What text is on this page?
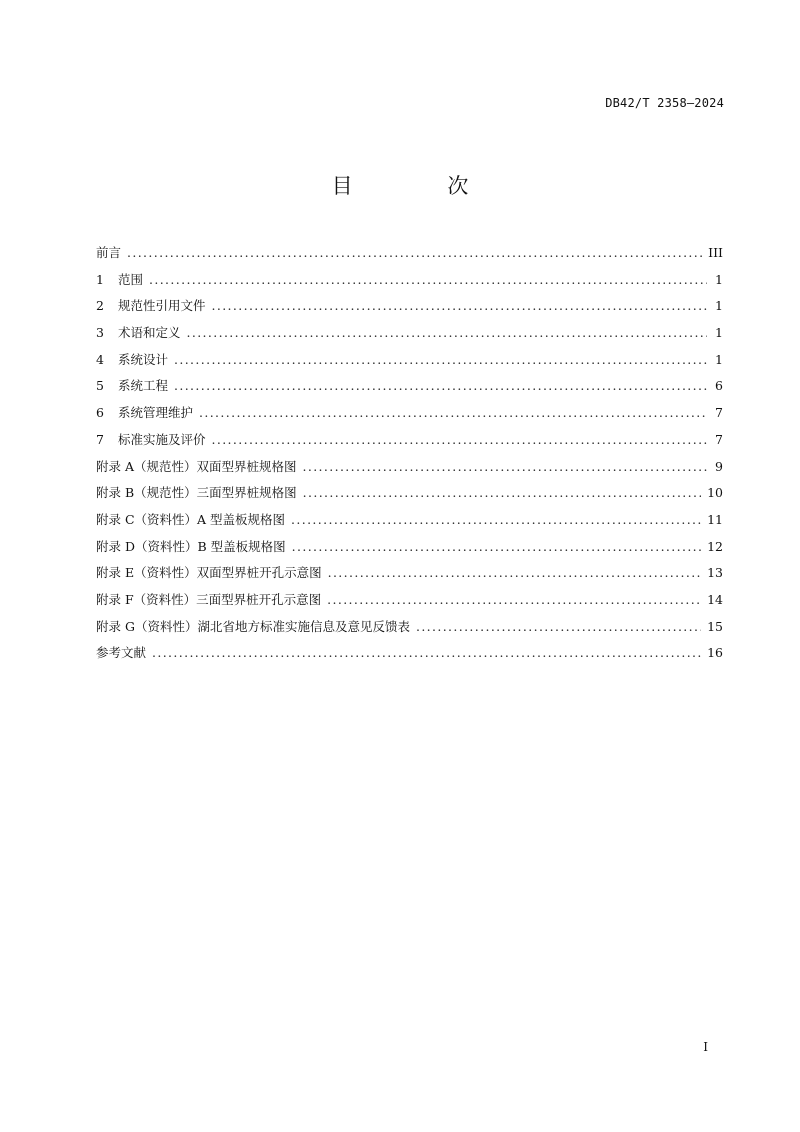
DB42/T 2358—2024
目 次
前言 . . .	III
1	范围 . . .	1
2	规范性引用文件 . . .	1
3	术语和定义 . . .	1
4	系统设计 . . .	1
5	系统工程 . . .	6
6	系统管理维护 . . .	7
7	标准实施及评价 . . .	7
附录 A（规范性）双面型界桩规格图 . . .	9
附录 B（规范性）三面型界桩规格图 . . .	10
附录 C（资料性）A 型盖板规格图 . . .	11
附录 D（资料性）B 型盖板规格图 . . .	12
附录 E（资料性）双面型界桩开孔示意图 . . .	13
附录 F（资料性）三面型界桩开孔示意图 . . .	14
附录 G（资料性）湖北省地方标准实施信息及意见反馈表 . . .	15
参考文献 . . .	16
I
